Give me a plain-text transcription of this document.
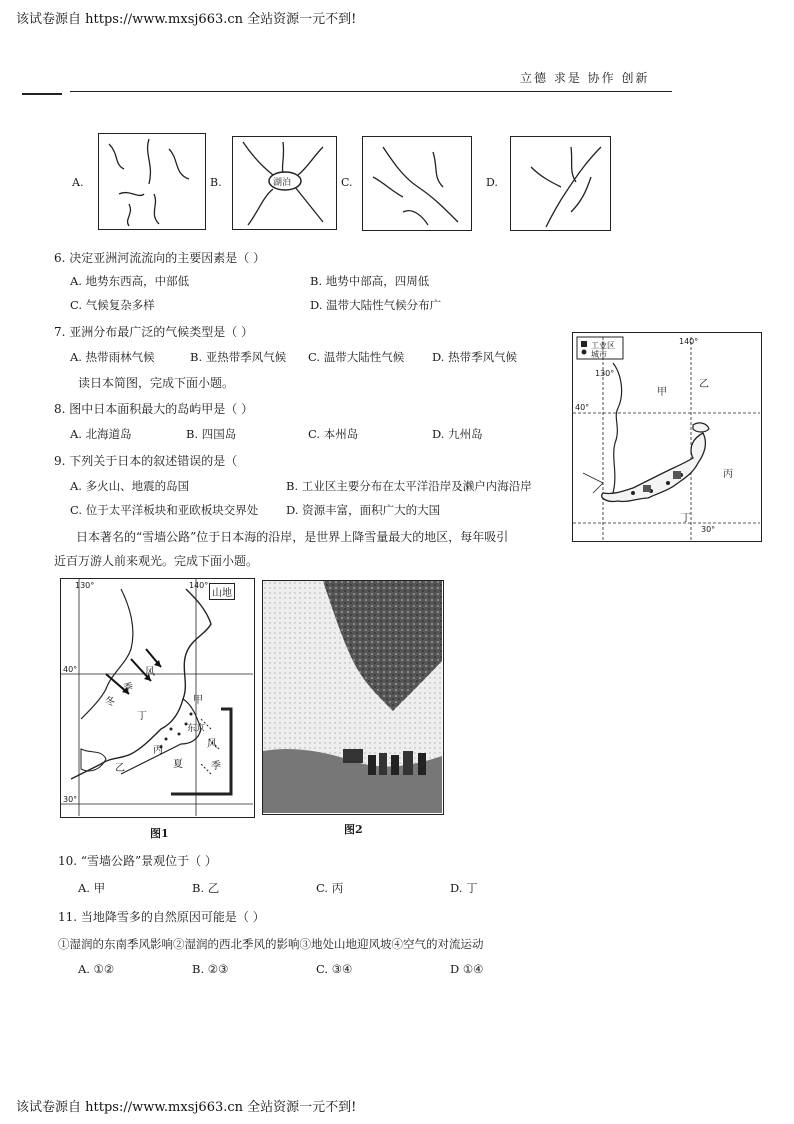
该试卷源自 https://www.mxsj663.cn 全站资源一元不到!
立德 求是 协作 创新
A.	B.	湖泊	C.	D.
6. 决定亚洲河流流向的主要因素是（ ）
A. 地势东西高，中部低	B. 地势中部高，四周低
C. 气候复杂多样	D. 温带大陆性气候分布广
7. 亚洲分布最广泛的气候类型是（ ）
A. 热带雨林气候	B. 亚热带季风气候 C. 温带大陆性气候 D. 热带季风气候
读日本简图，完成下面小题。
8. 图中日本面积最大的岛屿甲是（ ）
A. 北海道岛	B. 四国岛	C. 本州岛	D. 九州岛
9. 下列关于日本的叙述错误的是（
A. 多火山、地震的岛国	B. 工业区主要分布在太平洋沿岸及濑户内海沿岸
C. 位于太平洋板块和亚欧板块交界处 D. 资源丰富，面积广大的大国
工业区
城市
140°
40°
30°
130°
甲
乙
丙
丁
日本著名的“雪墙公路”位于日本海的沿岸，是世界上降雪量最大的地区，每年吸引
近百万游人前来观光。完成下面小题。
山地
130°	140°
40°
30°
风
季
冬	甲
丁
东京
风
丙
乙	夏	季
图1	图2
10. “雪墙公路”景观位于（ ）
A. 甲	B. 乙	C. 丙	D. 丁
11. 当地降雪多的自然原因可能是（ ）
①湿润的东南季风影响②湿润的西北季风的影响③地处山地迎风坡④空气的对流运动
A. ①②	B. ②③	C. ③④	D ①④
该试卷源自 https://www.mxsj663.cn 全站资源一元不到!
